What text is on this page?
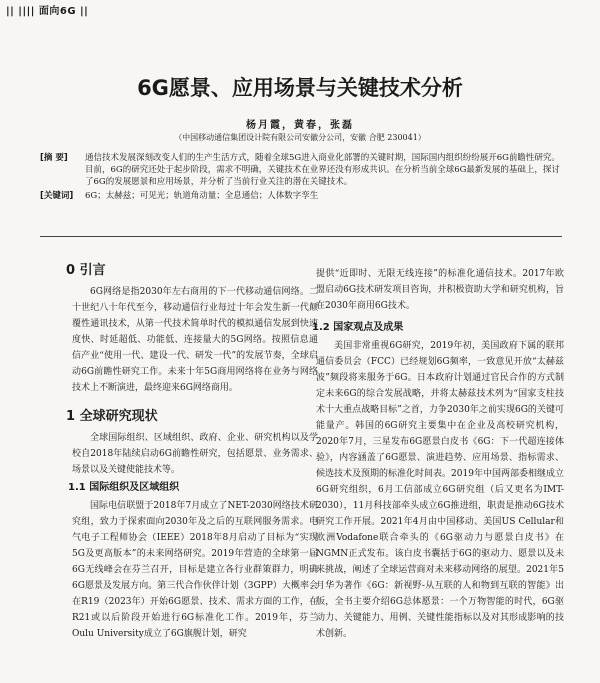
|| |||| 面向6G ||
6G愿景、应用场景与关键技术分析
杨月霞，黄春，张磊
（中国移动通信集团设计院有限公司安徽分公司，安徽 合肥 230041）
[摘 要]	通信技术发展深刻改变人们的生产生活方式，随着全球5G进入商业化部署的关键时期，国际国内组织纷纷展开6G前瞻性研究。目前，6G的研究还处于起步阶段，需求不明确，关键技术在业界还没有形成共识。在分析当前全球6G最新发展的基础上，探讨了6G的发展愿景和应用场景，并分析了当前行业关注的潜在关键技术。
[关键词]	6G；太赫兹；可见光；轨道角动量；全息通信；人体数字孪生
0 引言

6G网络是指2030年左右商用的下一代移动通信网络。二十世纪八十年代至今，移动通信行业每过十年会发生新一代颠覆性通讯技术，从第一代技术简单时代的模拟通信发展到快速度快、时延超低、功能低、连接量大的5G网络。按照信息通信产业“使用一代、建设一代、研发一代”的发展节奏，全球启动6G前瞻性研究工作。未来十年5G商用网络将在业务与网络技术上不断演进，最终迎来6G网络商用。

1 全球研究现状

全球国际组织、区域组织、政府、企业、研究机构以及学校自2018年陆续启动6G前瞻性研究，包括愿景、业务需求、场景以及关键使能技术等。

1.1 国际组织及区域组织

国际电信联盟于2018年7月成立了NET-2030网络技术研究组，致力于探索面向2030年及之后的互联网服务需求。电气电子工程师协会（IEEE）2018年8月启动了目标为“实现5G及更高版本”的未来网络研究。2019年营造的全球第一届6G无线峰会在芬兰召开，目标是建立各行业群策群力，明确6G愿景及发展方向。第三代合作伙伴计划（3GPP）大概率会在R19（2023年）开始6G愿景、技术、需求方面的工作，在R21或以后阶段开始进行6G标准化工作。2019年，芬兰Oulu University成立了6G旗舰计划，研究

提供“近即时、无限无线连接”的标准化通信技术。2017年欧盟启动6G技术研发项目咨询，并积极资助大学和研究机构，旨在2030年商用6G技术。

1.2 国家观点及成果

美国非常重视6G研究，2019年初，美国政府下属的联邦通信委员会（FCC）已经规划6G频率，一致意见开放“太赫兹波”频段将来服务于6G。日本政府计划通过官民合作的方式制定未来6G的综合发展战略，并将太赫兹技术列为“国家支柱技术十大重点战略目标”之首，力争2030年之前实现6G的关键可能量产。韩国的6G研究主要集中在企业及高校研究机构，2020年7月，三星发布6G愿景白皮书《6G：下一代超连接体验》，内容涵盖了6G愿景、演进趋势、应用场景、指标需求、候选技术及预期的标准化时间表。2019年中国两部委相继成立6G研究组织，6月工信部成立6G研究组（后又更名为IMT-2030），11月科技部牵头成立6G推进组，职责是推动6G技术研究工作开展。2021年4月由中国移动、美国US Cellular和欧洲Vodafone联合牵头的《6G驱动力与愿景白皮书》在NGMN正式发布。该白皮书囊括于6G的驱动力、愿景以及未来挑战，阐述了全球运营商对未来移动网络的展望。2021年5月华为著作《6G：新视野-从互联的人和物到互联的智能》出版，全书主要介绍6G总体愿景：一个万物智能的时代，6G驱动力、关键能力、用例、关键性能指标以及对其形成影响的技术创新。
